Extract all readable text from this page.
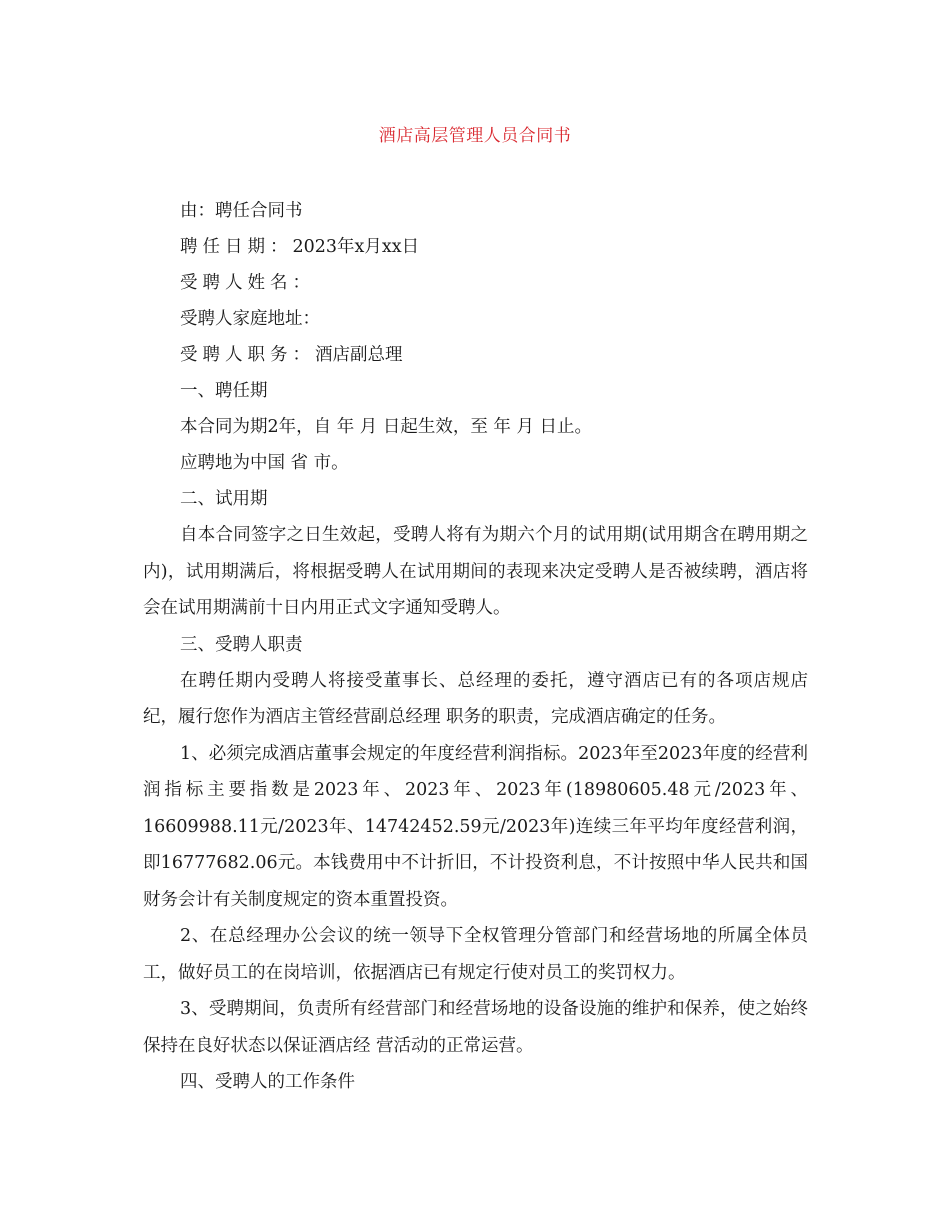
酒店高层管理人员合同书

由：聘任合同书

聘任日期：2023年x月xx日

受聘人姓名：

受聘人家庭地址：

受聘人职务：酒店副总理

一、聘任期

本合同为期2年，自 年 月 日起生效，至 年 月 日止。

应聘地为中国 省 市。

二、试用期

自本合同签字之日生效起，受聘人将有为期六个月的试用期(试用期含在聘用期之内)，试用期满后，将根据受聘人在试用期间的表现来决定受聘人是否被续聘，酒店将会在试用期满前十日内用正式文字通知受聘人。

三、受聘人职责

在聘任期内受聘人将接受董事长、总经理的委托，遵守酒店已有的各项店规店纪，履行您作为酒店主管经营副总经理 职务的职责，完成酒店确定的任务。

1、必须完成酒店董事会规定的年度经营利润指标。2023年至2023年度的经营利润指标主要指数是2023年、2023年、2023年(18980605.48元/2023年、16609988.11元/2023年、14742452.59元/2023年)连续三年平均年度经营利润，即16777682.06元。本钱费用中不计折旧，不计投资利息，不计按照中华人民共和国财务会计有关制度规定的资本重置投资。

2、在总经理办公会议的统一领导下全权管理分管部门和经营场地的所属全体员工，做好员工的在岗培训，依据酒店已有规定行使对员工的奖罚权力。

3、受聘期间，负责所有经营部门和经营场地的设备设施的维护和保养，使之始终保持在良好状态以保证酒店经 营活动的正常运营。

四、受聘人的工作条件
